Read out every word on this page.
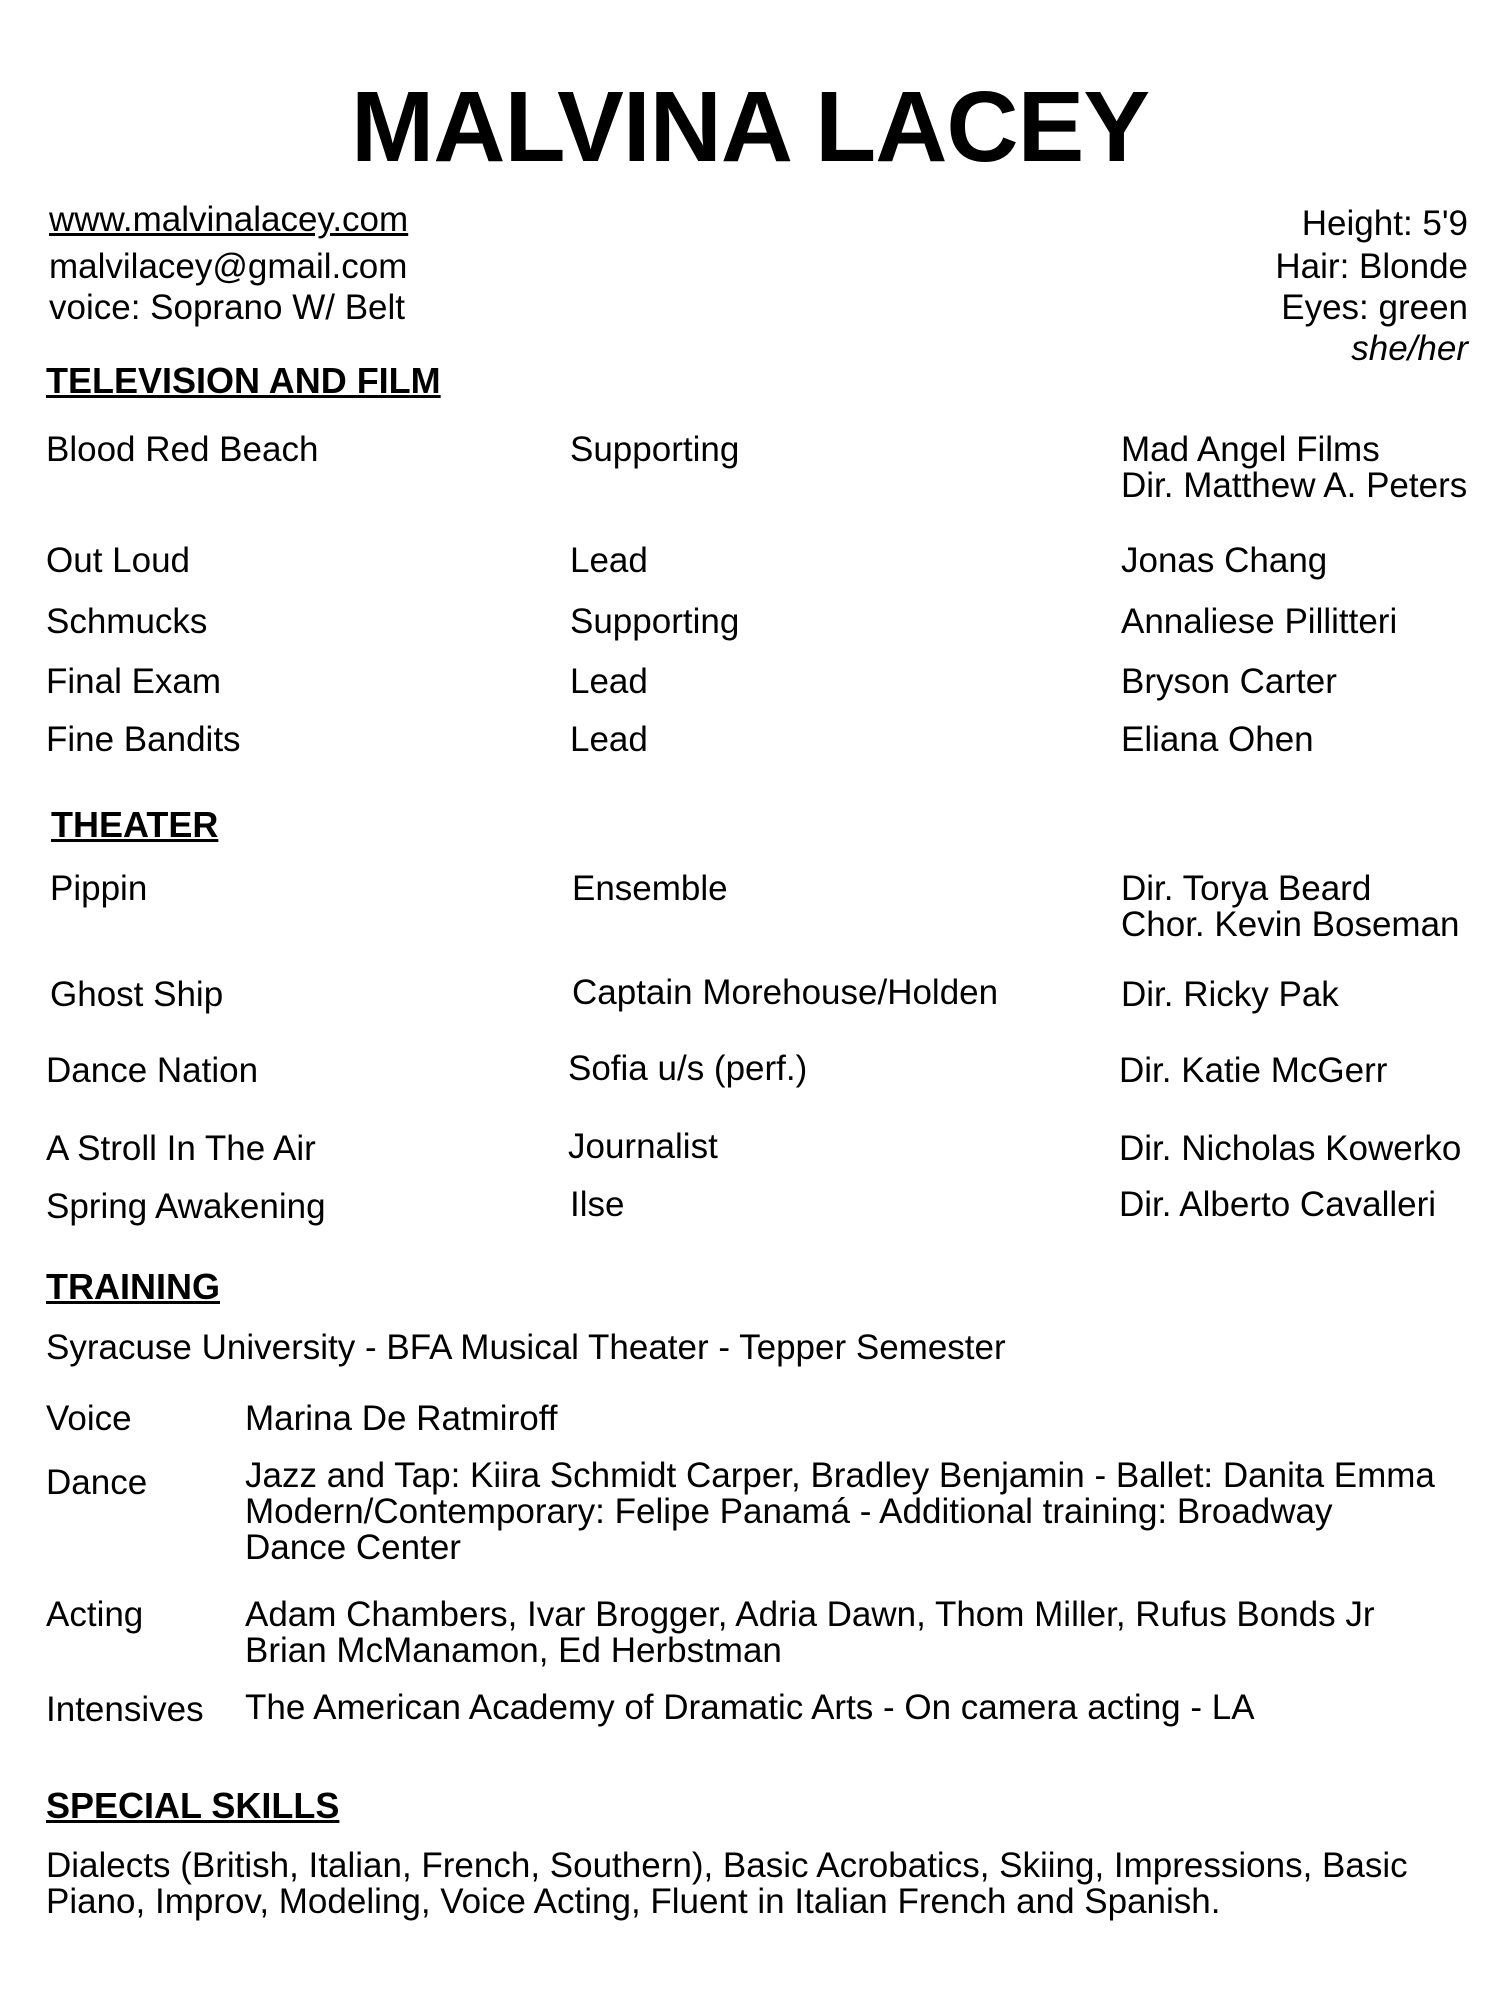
MALVINA LACEY
www.malvinalacey.com
malvilacey@gmail.com
voice: Soprano W/ Belt
Height: 5'9
Hair: Blonde
Eyes: green
she/her
TELEVISION AND FILM
Blood Red Beach	Supporting	Mad Angel Films
Dir. Matthew A. Peters
Out Loud	Lead	Jonas Chang
Schmucks	Supporting	Annaliese Pillitteri
Final Exam	Lead	Bryson Carter
Fine Bandits	Lead	Eliana Ohen
THEATER
Pippin	Ensemble	Dir. Torya Beard
Chor. Kevin Boseman
Ghost Ship	Captain Morehouse/Holden	Dir. Ricky Pak
Dance Nation	Sofia u/s (perf.)	Dir. Katie McGerr
A Stroll In The Air	Journalist	Dir. Nicholas Kowerko
Spring Awakening	Ilse	Dir. Alberto Cavalleri
TRAINING
Syracuse University - BFA Musical Theater - Tepper Semester
Voice	Marina De Ratmiroff
Dance	Jazz and Tap: Kiira Schmidt Carper, Bradley Benjamin - Ballet: Danita Emma
Modern/Contemporary: Felipe Panamá - Additional training: Broadway
Dance Center
Acting	Adam Chambers, Ivar Brogger, Adria Dawn, Thom Miller, Rufus Bonds Jr
Brian McManamon, Ed Herbstman
Intensives The American Academy of Dramatic Arts - On camera acting - LA
SPECIAL SKILLS
Dialects (British, Italian, French, Southern), Basic Acrobatics, Skiing, Impressions, Basic Piano, Improv, Modeling, Voice Acting, Fluent in Italian French and Spanish.
